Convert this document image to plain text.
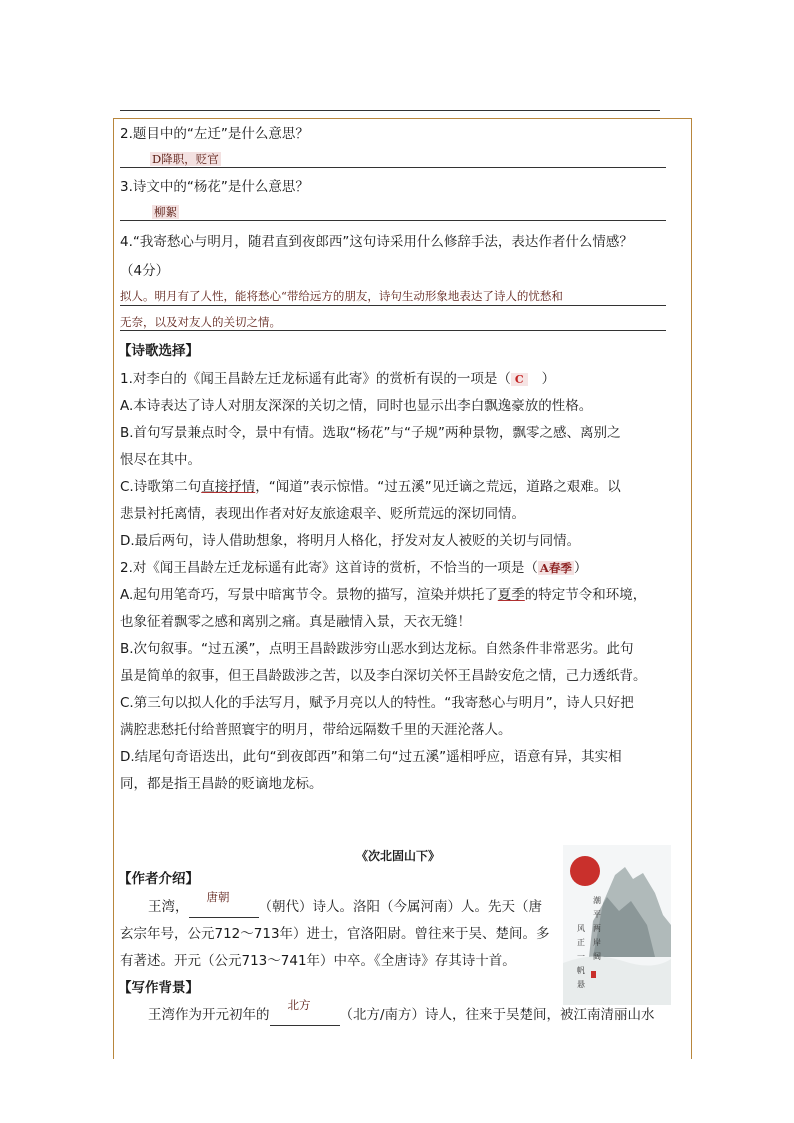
2.题目中的“左迁”是什么意思？
D降职，贬官
3.诗文中的“杨花”是什么意思？
柳絮
4.“我寄愁心与明月，随君直到夜郎西”这句诗采用什么修辞手法，表达作者什么情感？
（4分）
拟人。明月有了人性，能将愁心“带给远方的朋友，诗句生动形象地表达了诗人的忧愁和
无奈，以及对友人的关切之情。
【诗歌选择】
1.对李白的《闻王昌龄左迁龙标遥有此寄》的赏析有误的一项是（ C ）
A.本诗表达了诗人对朋友深深的关切之情，同时也显示出李白飘逸豪放的性格。
B.首句写景兼点时令，景中有情。选取“杨花”与“子规”两种景物，飘零之感、离别之
恨尽在其中。
C.诗歌第二句直接抒情，“闻道”表示惊惜。“过五溪”见迁谪之荒远，道路之艰难。以
悲景衬托离情，表现出作者对好友旅途艰辛、贬所荒远的深切同情。
D.最后两句，诗人借助想象，将明月人格化，抒发对友人被贬的关切与同情。
2.对《闻王昌龄左迁龙标遥有此寄》这首诗的赏析，不恰当的一项是（ A春季 ）
A.起句用笔奇巧，写景中暗寓节令。景物的描写，渲染并烘托了夏季的特定节令和环境，
也象征着飘零之感和离别之痛。真是融情入景，天衣无缝！
B.次句叙事。“过五溪”，点明王昌龄跋涉穷山恶水到达龙标。自然条件非常恶劣。此句
虽是简单的叙事，但王昌龄跋涉之苦，以及李白深切关怀王昌龄安危之情，己力透纸背。
C.第三句以拟人化的手法写月，赋予月亮以人的特性。“我寄愁心与明月”，诗人只好把
满腔悲愁托付给普照寰宇的明月，带给远隔数千里的天涯沦落人。
D.结尾句奇语迭出，此句“到夜郎西”和第二句“过五溪”遥相呼应，语意有异，其实相
同，都是指王昌龄的贬谪地龙标。
《次北固山下》
【作者介绍】
王湾，
唐朝
（朝代）诗人。洛阳（今属河南）人。先天（唐
玄宗年号，公元712～713年）进士，官洛阳尉。曾往来于吴、楚间。多
有著述。开元（公元713～741年）中卒。《全唐诗》存其诗十首。
【写作背景】
王湾作为开元初年的
北方
（北方/南方）诗人，往来于吴楚间，被江南清丽山水
风 正 一 帆 悬
潮 平 两 岸 阔
